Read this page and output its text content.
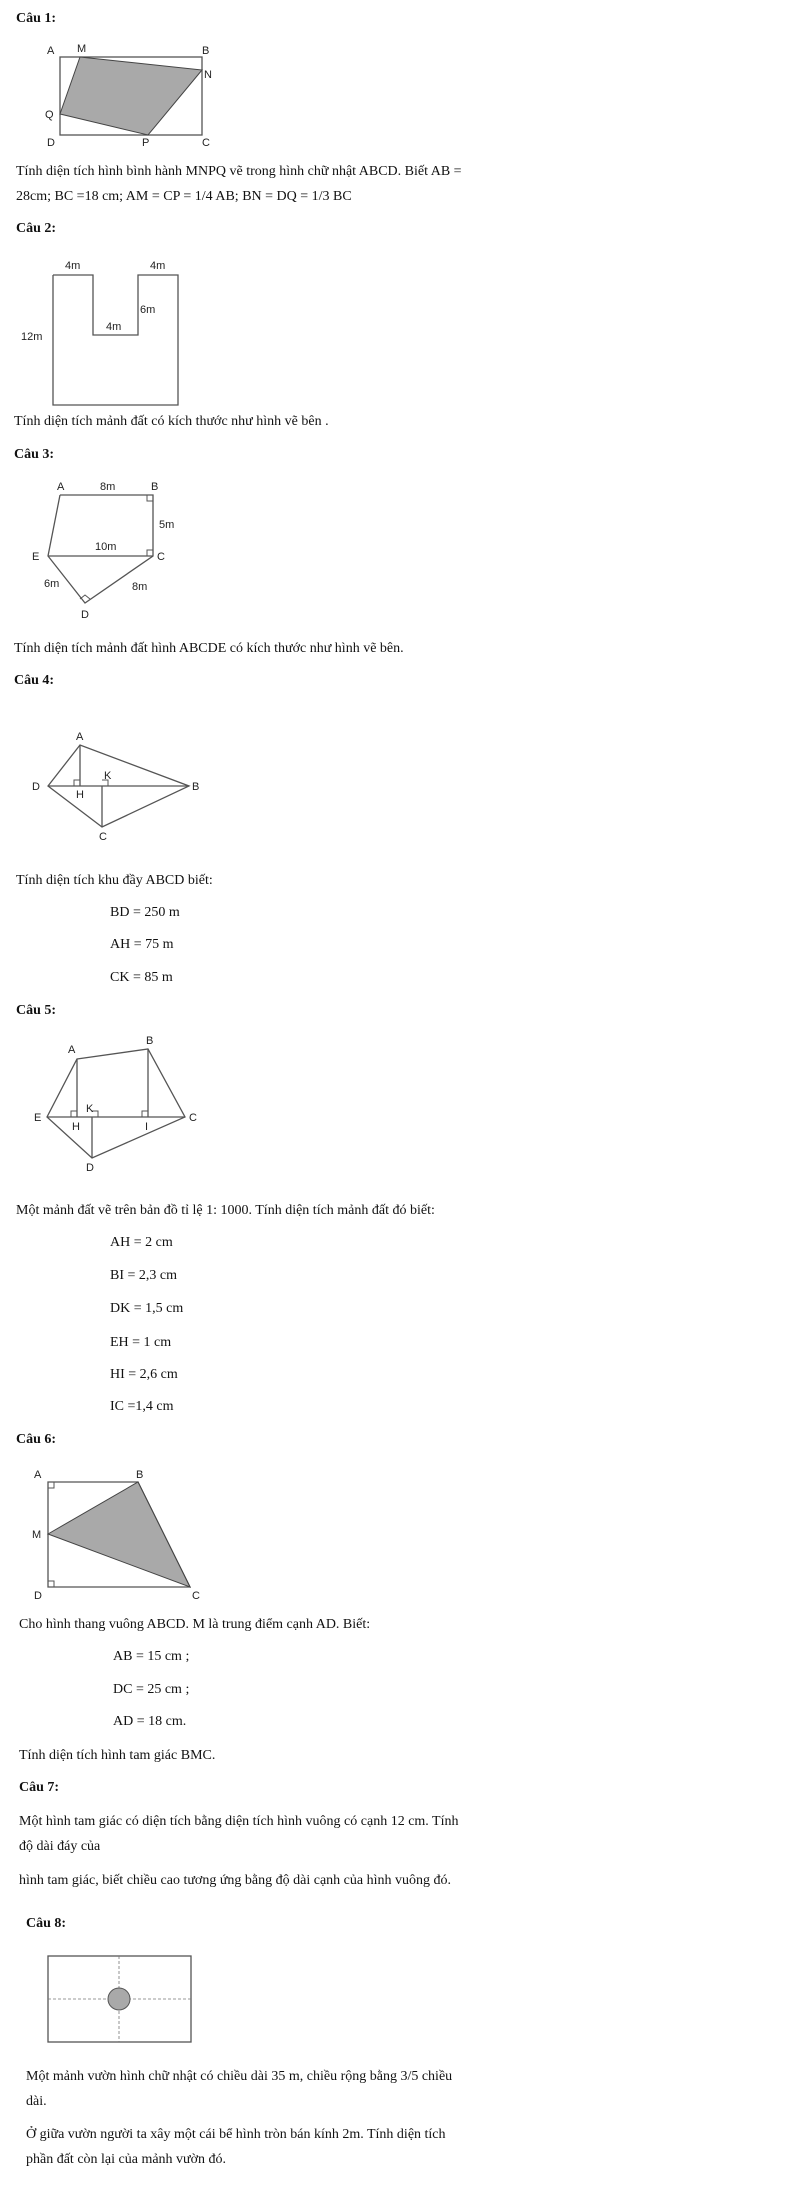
Câu 1:
A M	B
N
Q
D	P	C
Tính diện tích hình bình hành MNPQ vẽ trong hình chữ nhật ABCD. Biết AB =
28cm; BC =18 cm; AM = CP = 1/4 AB; BN = DQ = 1/3 BC
Câu 2:
4m	4m
6m
4m
12m
Tính diện tích mảnh đất có kích thước như hình vẽ bên .
Câu 3:
A	B
C
D
E
8m
5m
10m
6m	8m
Tính diện tích mảnh đất hình ABCDE có kích thước như hình vẽ bên.
Câu 4:
A
B
C
D
H
K
Tính diện tích khu đầy ABCD biết:
BD = 250 m
AH = 75 m
CK = 85 m
Câu 5:
A
B
C
D
E
H
K
I
Một mảnh đất vẽ trên bản đồ tỉ lệ 1: 1000. Tính diện tích mảnh đất đó biết:
AH = 2 cm
BI = 2,3 cm
DK = 1,5 cm
EH = 1 cm
HI = 2,6 cm
IC =1,4 cm
Câu 6:
A	B
C
D
M
Cho hình thang vuông ABCD. M là trung điểm cạnh AD. Biết:
AB = 15 cm ;
DC = 25 cm ;
AD = 18 cm.
Tính diện tích hình tam giác BMC.
Câu 7:
Một hình tam giác có diện tích bằng diện tích hình vuông có cạnh 12 cm. Tính
độ dài đáy của
hình tam giác, biết chiều cao tương ứng bằng độ dài cạnh của hình vuông đó.
Câu 8:
Một mảnh vườn hình chữ nhật có chiều dài 35 m, chiều rộng bằng 3/5 chiều
dài.
Ở giữa vườn người ta xây một cái bể hình tròn bán kính 2m. Tính diện tích
phần đất còn lại của mảnh vườn đó.
